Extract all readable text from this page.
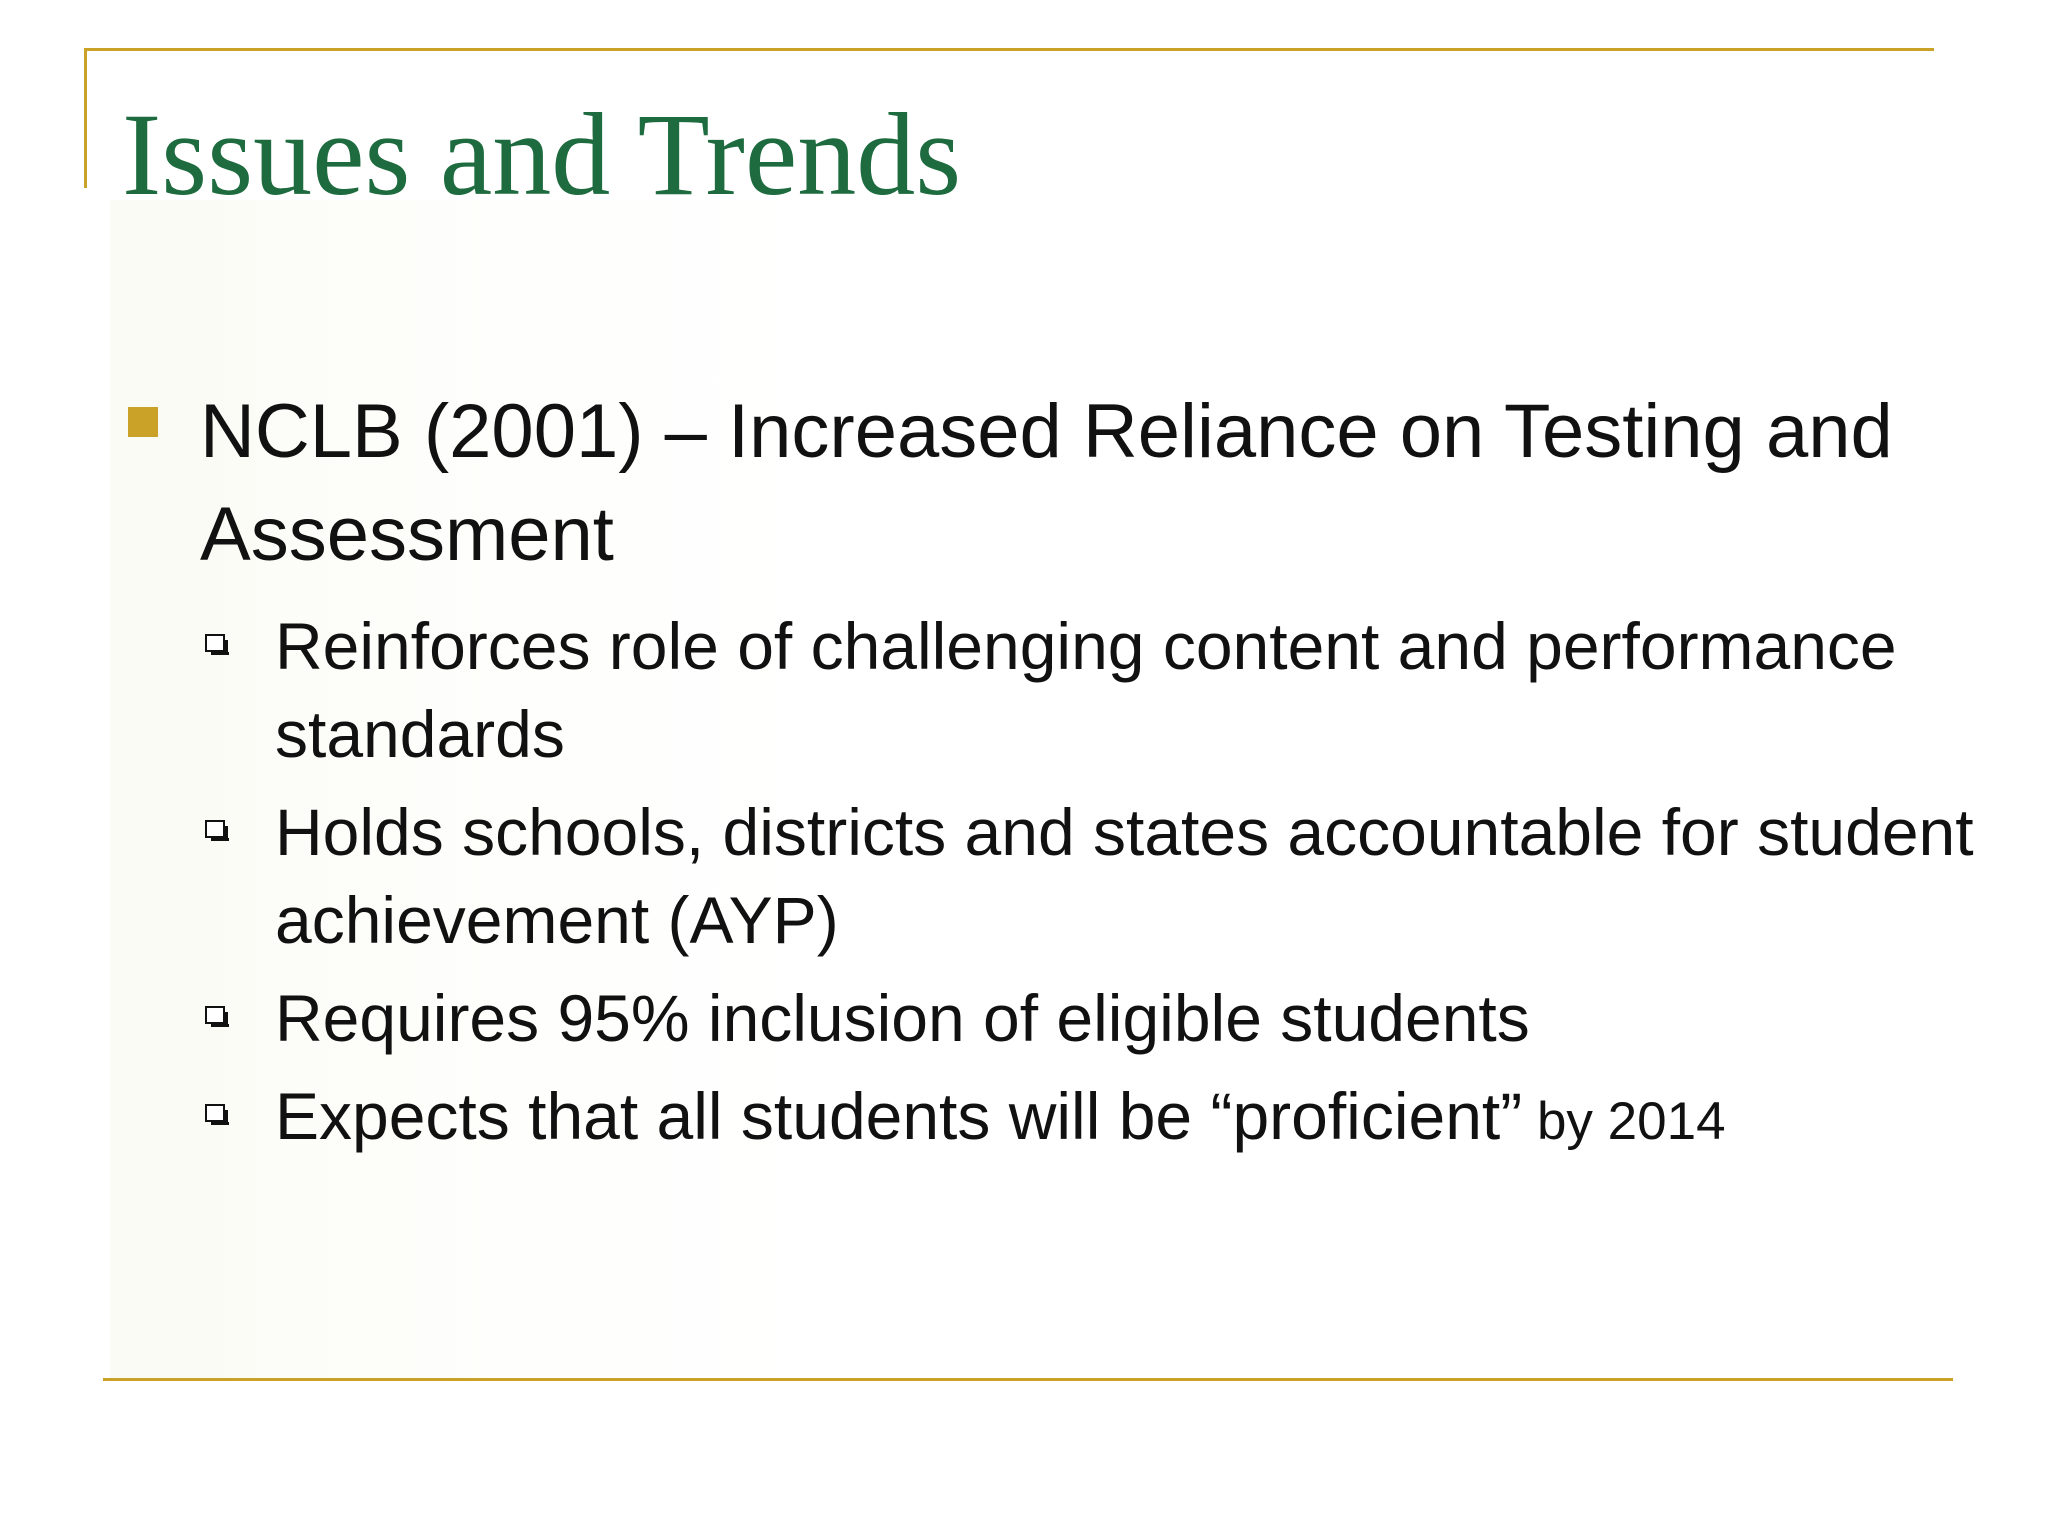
Issues and Trends
NCLB (2001) – Increased Reliance on Testing and Assessment
Reinforces role of challenging content and performance standards
Holds schools, districts and states accountable for student achievement (AYP)
Requires 95% inclusion of eligible students
Expects that all students will be “proficient” by 2014
